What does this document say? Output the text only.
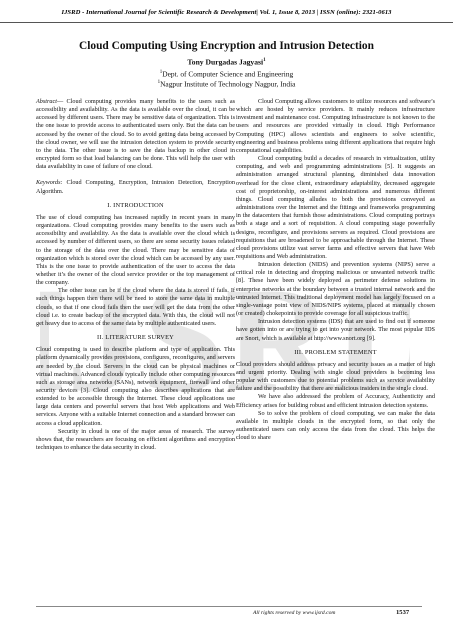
IJSRD - International Journal for Scientific Research & Development| Vol. 1, Issue 8, 2013 | ISSN (online): 2321-0613
JSRD
Cloud Computing Using Encryption and Intrusion Detection
Tony Durgadas Jagyasi$^1$
$^1$Dept. of Computer Science and Engineering
$^1$Nagpur Institute of Technology Nagpur, India

Abstract— Cloud computing provides many benefits to the users such as accessibility and availability. As the data is available over the cloud, it can be accessed by different users. There may be sensitive data of organization. This is the one issue to provide access to authenticated users only. But the data can be accessed by the owner of the cloud. So to avoid getting data being accessed by the cloud owner, we will use the intrusion detection system to provide security to the data. The other issue is to save the data backup in other cloud in encrypted form so that load balancing can be done. This will help the user with data availability in case of failure of one cloud.

Keywords: Cloud Computing, Encryption, Intrusion Detection, Encryption Algorithm.

I. INTRODUCTION

The use of cloud computing has increased rapidly in recent years in many organizations. Cloud computing provides many benefits to the users such as accessibility and availability. As the data is available over the cloud which is accessed by number of different users, so there are some security issues related to the storage of the data over the cloud. There may be sensitive data of organization which is stored over the cloud which can be accessed by any user. This is the one issue to provide authentication of the user to access the data whether it’s the owner of the cloud service provider or the top management of the company.

The other issue can be if the cloud where the data is stored if fails. If such things happen then there will be need to store the same data in multiple clouds, so that if one cloud fails then the user will get the data from the other cloud i.e. to create backup of the encrypted data. With this, the cloud will not get heavy due to access of the same data by multiple authenticated users.

II. LITERATURE SURVEY

Cloud computing is used to describe platform and type of application. This platform dynamically provides provisions, configures, reconfigures, and servers are needed by the cloud. Servers in the cloud can be physical machines or virtual machines. Advanced clouds typically include other computing resources such as storage area networks (SANs), network equipment, firewall and other security devices [3]. Cloud computing also describes applications that are extended to be accessible through the Internet. These cloud applications use large data centers and powerful servers that host Web applications and Web services. Anyone with a suitable Internet connection and a standard browser can access a cloud application.

Security in cloud is one of the major areas of research. The survey shows that, the researchers are focusing on efficient algorithms and encryption techniques to enhance the data security in cloud.

Cloud Computing allows customers to utilize resources and software’s which are hosted by service providers. It mainly reduces infrastructure investment and maintenance cost. Computing infrastructure is not known to the users and resources are provided virtually in cloud. High Performance Computing (HPC) allows scientists and engineers to solve scientific, engineering and business problems using different applications that require high computational capabilities.

Cloud computing build a decades of research in virtualization, utility computing, and web and programming administrations [5]. It suggests an administration arranged structural planning, diminished data innovation overhead for the close client, extraordinary adaptability, decreased aggregate cost of proprietorship, on-interest administrations and numerous different things. Cloud computing alludes to both the provisions conveyed as administrations over the Internet and the fittings and frameworks programming in the datacenters that furnish those administrations. Cloud computing portrays both a stage and a sort of requisition. A cloud computing stage powerfully designs, reconfigure, and provisions servers as required. Cloud provisions are requisitions that are broadened to be approachable through the Internet. These cloud provisions utilize vast server farms and effective servers that have Web requisitions and Web administration.

Intrusion detection (NIDS) and prevention systems (NIPS) serve a critical role in detecting and dropping malicious or unwanted network traffic [8]. These have been widely deployed as perimeter defense solutions in enterprise networks at the boundary between a trusted internal network and the untrusted Internet. This traditional deployment model has largely focused on a single-vantage point view of NIDS/NIPS systems, placed at manually chosen (or created) chokepoints to provide coverage for all suspicious traffic.

Intrusion detection systems (IDS) that are used to find out if someone have gotten into or are trying to get into your network. The most popular IDS are Snort, which is available at http://www.snort.org [9].

III. PROBLEM STATEMENT

Cloud providers should address privacy and security issues as a matter of high and urgent priority. Dealing with single cloud providers is becoming less popular with customers due to potential problems such as service availability failure and the possibility that there are malicious insiders in the single cloud.

We have also addressed the problem of Accuracy, Authenticity and Efficiency arises for building robust and efficient intrusion detection systems.

So to solve the problem of cloud computing, we can make the data available in multiple clouds in the encrypted form, so that only the authenticated users can only access the data from the cloud. This helps the cloud to share

All rights reserved by www.ijsrd.com	1537
